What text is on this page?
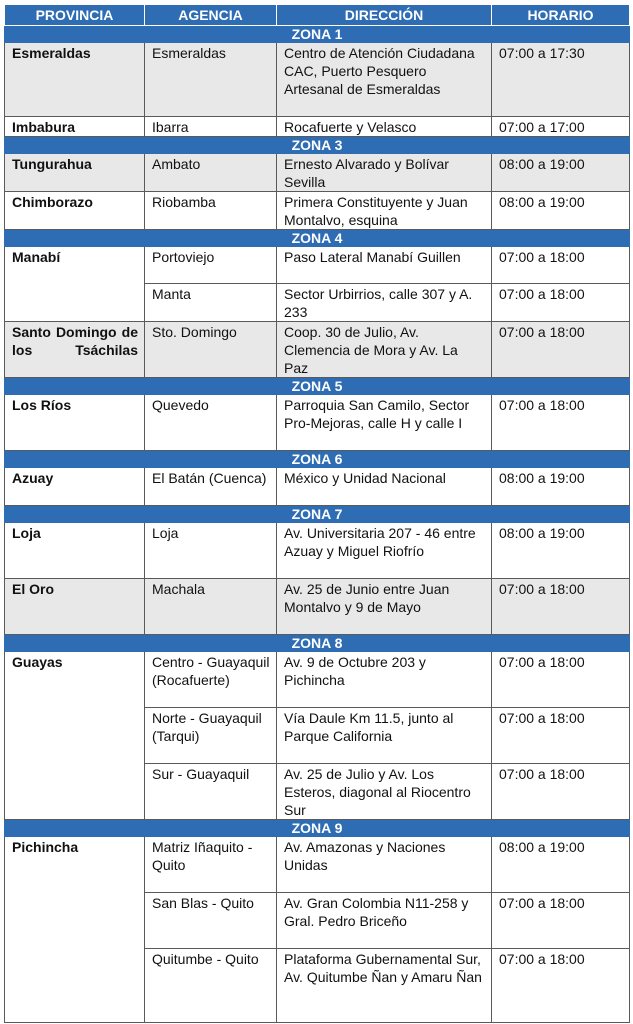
PROVINCIA	AGENCIA	DIRECCIÓN	HORARIO
ZONA 1			
Esmeraldas	Esmeraldas	Centro de Atención Ciudadana CAC, Puerto Pesquero Artesanal de Esmeraldas	07:00 a 17:30
Imbabura	Ibarra	Rocafuerte y Velasco	07:00 a 17:00
ZONA 3			
Tungurahua	Ambato	Ernesto Alvarado y Bolívar Sevilla	08:00 a 19:00
Chimborazo	Riobamba	Primera Constituyente y Juan Montalvo, esquina	08:00 a 19:00
ZONA 4			
Manabí	Portoviejo	Paso Lateral Manabí Guillen	07:00 a 18:00
	Manta	Sector Urbirrios, calle 307 y A. 233	07:00 a 18:00
Santo Domingo de los Tsáchilas	Sto. Domingo	Coop. 30 de Julio, Av. Clemencia de Mora y Av. La Paz	07:00 a 18:00
ZONA 5			
Los Ríos	Quevedo	Parroquia San Camilo, Sector Pro-Mejoras, calle H y calle I	07:00 a 18:00
ZONA 6			
Azuay	El Batán (Cuenca)	México y Unidad Nacional	08:00 a 19:00
ZONA 7			
Loja	Loja	Av. Universitaria 207 - 46 entre Azuay y Miguel Riofrío	08:00 a 19:00
El Oro	Machala	Av. 25 de Junio entre Juan Montalvo y 9 de Mayo	07:00 a 18:00
ZONA 8			
Guayas	Centro - Guayaquil (Rocafuerte)	Av. 9 de Octubre 203 y Pichincha	07:00 a 18:00
	Norte - Guayaquil (Tarqui)	Vía Daule Km 11.5, junto al Parque California	07:00 a 18:00
	Sur - Guayaquil	Av. 25 de Julio y Av. Los Esteros, diagonal al Riocentro Sur	07:00 a 18:00
ZONA 9			
Pichincha	Matriz Iñaquito - Quito	Av. Amazonas y Naciones Unidas	08:00 a 19:00
	San Blas - Quito	Av. Gran Colombia N11-258 y Gral. Pedro Briceño	07:00 a 18:00
	Quitumbe - Quito	Plataforma Gubernamental Sur, Av. Quitumbe Ñan y Amaru Ñan	07:00 a 18:00
